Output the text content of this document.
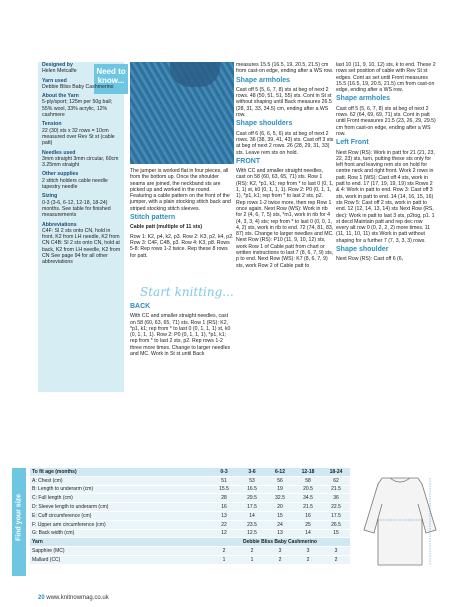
Need to know...

Designed by
Helen Metcalfe

Yarn used
Debbie Bliss Baby Cashmerino

About the Yarn
5-ply/sport; 125m per 50g ball; 55% wool, 33% acrylic, 12% cashmere

Tension
22 (30) sts x 32 rows = 10cm measured over Rev St st (cable patt)

Needles used
3mm straight 3mm circular, 60cm 3.25mm straight

Other supplies
2 stitch holders cable needle tapestry needle

Sizing
0-3 (3-6, 6-12, 12-18, 18-24) months. See table for finished measurements

Abbreviations
C4F: Sl 2 sts onto CN, hold in front, K2 from LH needle, K2 from CN C4B: Sl 2 sts onto CN, hold at back, K2 from LH needle, K2 from CN See page 94 for all other abbreviations

The jumper is worked flat in four pieces, all from the bottom up. Once the shoulder seams are joined, the neckband sts are picked up and worked in the round. Featuring a cable pattern on the front of the jumper, with a plain stocking stitch back and striped stocking stitch sleeves.

Stitch pattern

Cable patt (multiple of 11 sts)

Row 1: K2, p4, k2, p3. Row 2: K3, p2, k4, p2. Row 3: C4F, C4B, p3. Row 4: K3, p8. Rows 5-8: Rep rows 1-2 twice. Rep these 8 rows for patt.

Start knitting...

BACK

With CC and smaller straight needles, cast on 58 (60, 63, 65, 71) sts. Row 1 (RS): K2, *p1, k1; rep from * to last 0 (0, 1, 1, 1) st, k0 (0, 1, 1, 1). Row 2: P0 (0, 1, 1, 1), *p1, k1; rep from * to last 2 sts, p2. Rep rows 1-2 three more times. Change to larger needles and MC. Work in St st until Back

measures 15.5 (16.5, 19, 20.5, 21.5) cm from cast-on edge, ending after a WS row.

Shape armholes

Cast off 5 (5, 6, 7, 8) sts at beg of next 2 rows. 48 (50, 51, 51, 55) sts. Cont in St st without shaping until Back measures 26.5 (28, 31, 33, 34.5) cm, ending after a WS row.

Shape shoulders

Cast off 6 (6, 6, 5, 6) sts at beg of next 2 rows. 36 (38, 39, 41, 43) sts. Cast off 3 sts at beg of next 2 rows. 26 (28, 29, 31, 33) sts. Leave rem sts on hold.

FRONT

With CC and smaller straight needles, cast on 58 (60, 63, 65, 71) sts. Row 1 (RS): K2, *p1, k1; rep from * to last 0 (0, 1, 1, 1) st, k0 (0, 1, 1, 1). Row 2: P0 (0, 1, 1, 1), *p1, k1; rep from * to last 2 sts, p2. Rep rows 1-2 twice more, then rep Row 1 once again. Next Row (WS): Work in rib for 2 (4, 6, 7, 5) sts, *m1, work in rib for 4 (4, 3, 3, 4) sts; rep from * to last 0 (0, 0, 1, 4, 2) sts, work in rib to end. 72 (74, 81, 83, 87) sts. Change to larger needles and MC. Next Row (RS): P10 (11, 9, 10, 12) sts, work Row 1 of Cable patt from chart or written instructions to last 7 (8, 6, 7, 9) sts, p to end. Next Row (WS): K7 (8, 6, 7, 9) sts, work Row 2 of Cable patt to

last 10 (11, 9, 10, 12) sts, k to end. These 2 rows set position of cable with Rev St st edges. Cont as set until Front measures 15.5 (16.5, 19, 20.5, 21.5) cm from cast-on edge, ending after a WS row.

Shape armholes

Cast off 5 (5, 6, 7, 8) sts at beg of next 2 rows. 62 (64, 69, 69, 71) sts. Cont in patt until Front measures 21.5 (23, 26, 29, 29.5) cm from cast-on edge, ending after a WS row.

Left Front

Next Row (RS): Work in patt for 21 (21, 23, 22, 23) sts, turn, putting these sts only for left front and leaving rem sts on hold for centre neck and right front. Work 2 rows in patt. Row 1 (WS): Cast off 4 sts, work in patt to end. 17 (17, 19, 19, 19) sts Rows 2 & 4: Work in patt to end. Row 3: Cast off 3 sts, work in patt to end. 14 (14, 16, 15, 16) sts Row 5: Cast off 2 sts, work in patt to end. 12 (12, 14, 13, 14) sts Next Row (RS, dec): Work in patt to last 3 sts, p2tog, p1. 1 st decd Maintain patt and rep dec row every alt row 0 (0, 2, 2, 2) more times. 11 (11, 11, 10, 11) sts Work in patt without shaping for a further 7 (7, 3, 3, 3) rows.

Shape shoulder

Next Row (RS): Cast off 6 (6,

Find your size
To fit age (months)	0-3	3-6	6-12	12-18	18-24
A: Chest (cm)	51	53	56	58	62
B: Length to underarm (cm)	15.5	16.5	19	20.5	21.5
C: Full length (cm)	28	29.5	32.5	34.5	36
D: Sleeve length to underarm (cm)	16	17.5	20	21.5	22.5
E: Cuff circumference (cm)	13	14	15	16	17.5
F: Upper arm circumference (cm)	22	23.5	24	25	26.5
G: Back width (cm)	12	12.5	13	14	15
Yarn	Debbie Bliss Baby Cashmerino				
Sapphire (MC)	2	2	3	3	3
Mallard (CC)	1	1	2	2	2
20 www.knitnowmag.co.uk
